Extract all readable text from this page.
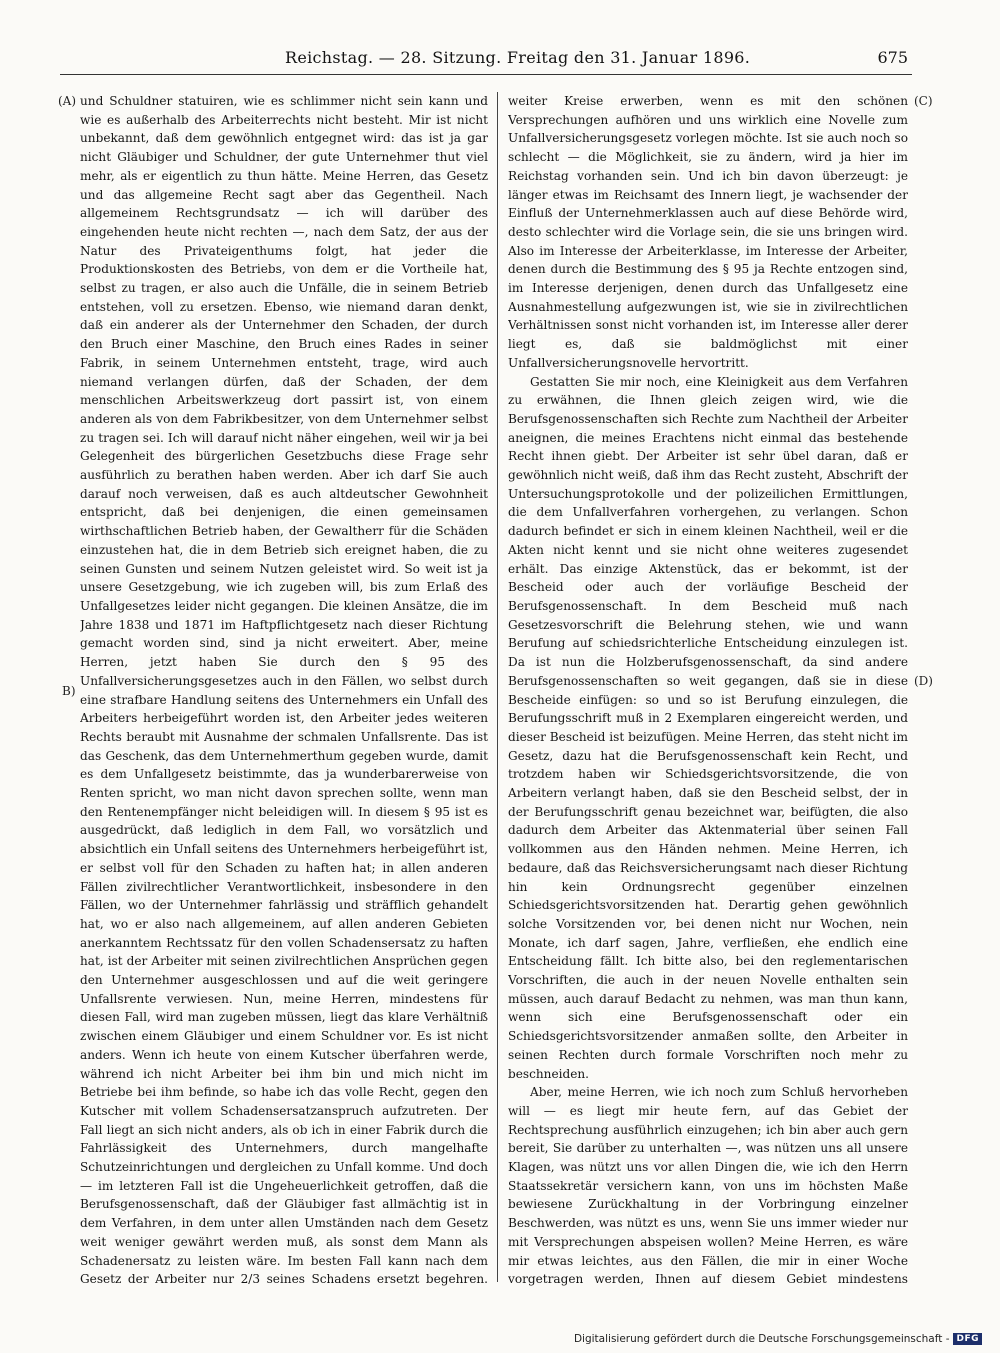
Reichstag. — 28. Sitzung. Freitag den 31. Januar 1896.	675
(A)
B)
(C)
(D)

und Schuldner statuiren, wie es schlimmer nicht sein kann und wie es außerhalb des Arbeiterrechts nicht besteht. Mir ist nicht unbekannt, daß dem gewöhnlich entgegnet wird: das ist ja gar nicht Gläubiger und Schuldner, der gute Unternehmer thut viel mehr, als er eigentlich zu thun hätte. Meine Herren, das Gesetz und das allgemeine Recht sagt aber das Gegentheil. Nach allgemeinem Rechtsgrundsatz — ich will darüber des eingehenden heute nicht rechten —, nach dem Satz, der aus der Natur des Privateigenthums folgt, hat jeder die Produktionskosten des Betriebs, von dem er die Vortheile hat, selbst zu tragen, er also auch die Unfälle, die in seinem Betrieb entstehen, voll zu ersetzen. Ebenso, wie niemand daran denkt, daß ein anderer als der Unternehmer den Schaden, der durch den Bruch einer Maschine, den Bruch eines Rades in seiner Fabrik, in seinem Unternehmen entsteht, trage, wird auch niemand verlangen dürfen, daß der Schaden, der dem menschlichen Arbeitswerkzeug dort passirt ist, von einem anderen als von dem Fabrikbesitzer, von dem Unternehmer selbst zu tragen sei. Ich will darauf nicht näher eingehen, weil wir ja bei Gelegenheit des bürgerlichen Gesetzbuchs diese Frage sehr ausführlich zu berathen haben werden. Aber ich darf Sie auch darauf noch verweisen, daß es auch altdeutscher Gewohnheit entspricht, daß bei denjenigen, die einen gemeinsamen wirthschaftlichen Betrieb haben, der Gewaltherr für die Schäden einzustehen hat, die in dem Betrieb sich ereignet haben, die zu seinen Gunsten und seinem Nutzen geleistet wird. So weit ist ja unsere Gesetzgebung, wie ich zugeben will, bis zum Erlaß des Unfallgesetzes leider nicht gegangen. Die kleinen Ansätze, die im Jahre 1838 und 1871 im Haftpflichtgesetz nach dieser Richtung gemacht worden sind, sind ja nicht erweitert. Aber, meine Herren, jetzt haben Sie durch den § 95 des Unfallversicherungsgesetzes auch in den Fällen, wo selbst durch eine strafbare Handlung seitens des Unternehmers ein Unfall des Arbeiters herbeigeführt worden ist, den Arbeiter jedes weiteren Rechts beraubt mit Ausnahme der schmalen Unfallsrente. Das ist das Geschenk, das dem Unternehmerthum gegeben wurde, damit es dem Unfallgesetz beistimmte, das ja wunderbarerweise von Renten spricht, wo man nicht davon sprechen sollte, wenn man den Rentenempfänger nicht beleidigen will. In diesem § 95 ist es ausgedrückt, daß lediglich in dem Fall, wo vorsätzlich und absichtlich ein Unfall seitens des Unternehmers herbeigeführt ist, er selbst voll für den Schaden zu haften hat; in allen anderen Fällen zivilrechtlicher Verantwortlichkeit, insbesondere in den Fällen, wo der Unternehmer fahrlässig und sträfflich gehandelt hat, wo er also nach allgemeinem, auf allen anderen Gebieten anerkanntem Rechtssatz für den vollen Schadensersatz zu haften hat, ist der Arbeiter mit seinen zivilrechtlichen Ansprüchen gegen den Unternehmer ausgeschlossen und auf die weit geringere Unfallsrente verwiesen. Nun, meine Herren, mindestens für diesen Fall, wird man zugeben müssen, liegt das klare Verhältniß zwischen einem Gläubiger und einem Schuldner vor. Es ist nicht anders. Wenn ich heute von einem Kutscher überfahren werde, während ich nicht Arbeiter bei ihm bin und mich nicht im Betriebe bei ihm befinde, so habe ich das volle Recht, gegen den Kutscher mit vollem Schadensersatzanspruch aufzutreten. Der Fall liegt an sich nicht anders, als ob ich in einer Fabrik durch die Fahrlässigkeit des Unternehmers, durch mangelhafte Schutzeinrichtungen und dergleichen zu Unfall komme. Und doch — im letzteren Fall ist die Ungeheuerlichkeit getroffen, daß die Berufsgenossenschaft, daß der Gläubiger fast allmächtig ist in dem Verfahren, in dem unter allen Umständen nach dem Gesetz weit weniger gewährt werden muß, als sonst dem Mann als Schadenersatz zu leisten wäre. Im besten Fall kann nach dem Gesetz der Arbeiter nur 2/3 seines Schadens ersetzt begehren.

weiter Kreise erwerben, wenn es mit den schönen Versprechungen aufhören und uns wirklich eine Novelle zum Unfallversicherungsgesetz vorlegen möchte. Ist sie auch noch so schlecht — die Möglichkeit, sie zu ändern, wird ja hier im Reichstag vorhanden sein. Und ich bin davon überzeugt: je länger etwas im Reichsamt des Innern liegt, je wachsender der Einfluß der Unternehmerklassen auch auf diese Behörde wird, desto schlechter wird die Vorlage sein, die sie uns bringen wird. Also im Interesse der Arbeiterklasse, im Interesse der Arbeiter, denen durch die Bestimmung des § 95 ja Rechte entzogen sind, im Interesse derjenigen, denen durch das Unfallgesetz eine Ausnahmestellung aufgezwungen ist, wie sie in zivilrechtlichen Verhältnissen sonst nicht vorhanden ist, im Interesse aller derer liegt es, daß sie baldmöglichst mit einer Unfallversicherungsnovelle hervortritt.

Gestatten Sie mir noch, eine Kleinigkeit aus dem Verfahren zu erwähnen, die Ihnen gleich zeigen wird, wie die Berufsgenossenschaften sich Rechte zum Nachtheil der Arbeiter aneignen, die meines Erachtens nicht einmal das bestehende Recht ihnen giebt. Der Arbeiter ist sehr übel daran, daß er gewöhnlich nicht weiß, daß ihm das Recht zusteht, Abschrift der Untersuchungsprotokolle und der polizeilichen Ermittlungen, die dem Unfallverfahren vorhergehen, zu verlangen. Schon dadurch befindet er sich in einem kleinen Nachtheil, weil er die Akten nicht kennt und sie nicht ohne weiteres zugesendet erhält. Das einzige Aktenstück, das er bekommt, ist der Bescheid oder auch der vorläufige Bescheid der Berufsgenossenschaft. In dem Bescheid muß nach Gesetzesvorschrift die Belehrung stehen, wie und wann Berufung auf schiedsrichterliche Entscheidung einzulegen ist. Da ist nun die Holzberufsgenossenschaft, da sind andere Berufsgenossenschaften so weit gegangen, daß sie in diese Bescheide einfügen: so und so ist Berufung einzulegen, die Berufungsschrift muß in 2 Exemplaren eingereicht werden, und dieser Bescheid ist beizufügen. Meine Herren, das steht nicht im Gesetz, dazu hat die Berufsgenossenschaft kein Recht, und trotzdem haben wir Schiedsgerichtsvorsitzende, die von Arbeitern verlangt haben, daß sie den Bescheid selbst, der in der Berufungsschrift genau bezeichnet war, beifügten, die also dadurch dem Arbeiter das Aktenmaterial über seinen Fall vollkommen aus den Händen nehmen. Meine Herren, ich bedaure, daß das Reichsversicherungsamt nach dieser Richtung hin kein Ordnungsrecht gegenüber einzelnen Schiedsgerichtsvorsitzenden hat. Derartig gehen gewöhnlich solche Vorsitzenden vor, bei denen nicht nur Wochen, nein Monate, ich darf sagen, Jahre, verfließen, ehe endlich eine Entscheidung fällt. Ich bitte also, bei den reglementarischen Vorschriften, die auch in der neuen Novelle enthalten sein müssen, auch darauf Bedacht zu nehmen, was man thun kann, wenn sich eine Berufsgenossenschaft oder ein Schiedsgerichtsvorsitzender anmaßen sollte, den Arbeiter in seinen Rechten durch formale Vorschriften noch mehr zu beschneiden.

Aber, meine Herren, wie ich noch zum Schluß hervorheben will — es liegt mir heute fern, auf das Gebiet der Rechtsprechung ausführlich einzugehen; ich bin aber auch gern bereit, Sie darüber zu unterhalten —, was nützen uns all unsere Klagen, was nützt uns vor allen Dingen die, wie ich den Herrn Staatssekretär versichern kann, von uns im höchsten Maße bewiesene Zurückhaltung in der Vorbringung einzelner Beschwerden, was nützt es uns, wenn Sie uns immer wieder nur mit Versprechungen abspeisen wollen? Meine Herren, es wäre mir etwas leichtes, aus den Fällen, die mir in einer Woche vorgetragen werden, Ihnen auf diesem Gebiet mindestens

Digitalisierung gefördert durch die Deutsche Forschungsgemeinschaft - DFG
